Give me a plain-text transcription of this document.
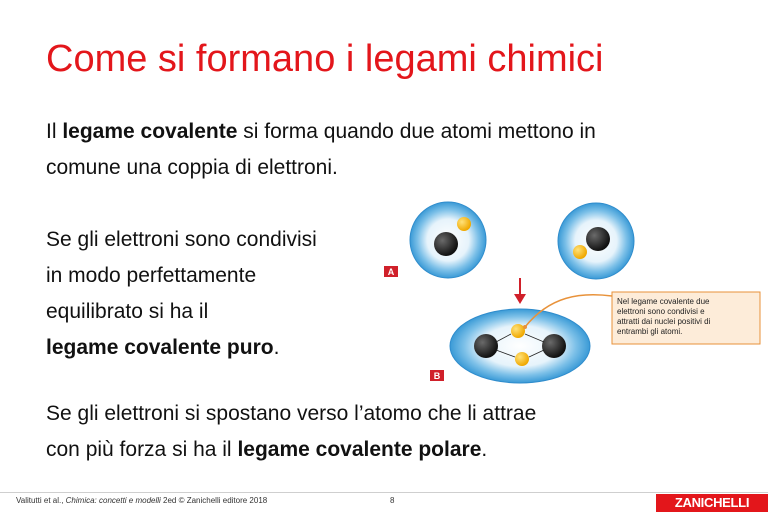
Come si formano i legami chimici
Il legame covalente si forma quando due atomi mettono in
comune una coppia di elettroni.
Se gli elettroni sono condivisi
in modo perfettamente
equilibrato si ha il
legame covalente puro.
Se gli elettroni si spostano verso l’atomo che li attrae
con più forza si ha il legame covalente polare.
A
B
Nel legame covalente due elettroni sono condivisi e attratti dai nuclei positivi di entrambi gli atomi.
Valitutti et al., Chimica: concetti e modelli 2ed © Zanichelli editore 2018	8	ZANICHELLI
